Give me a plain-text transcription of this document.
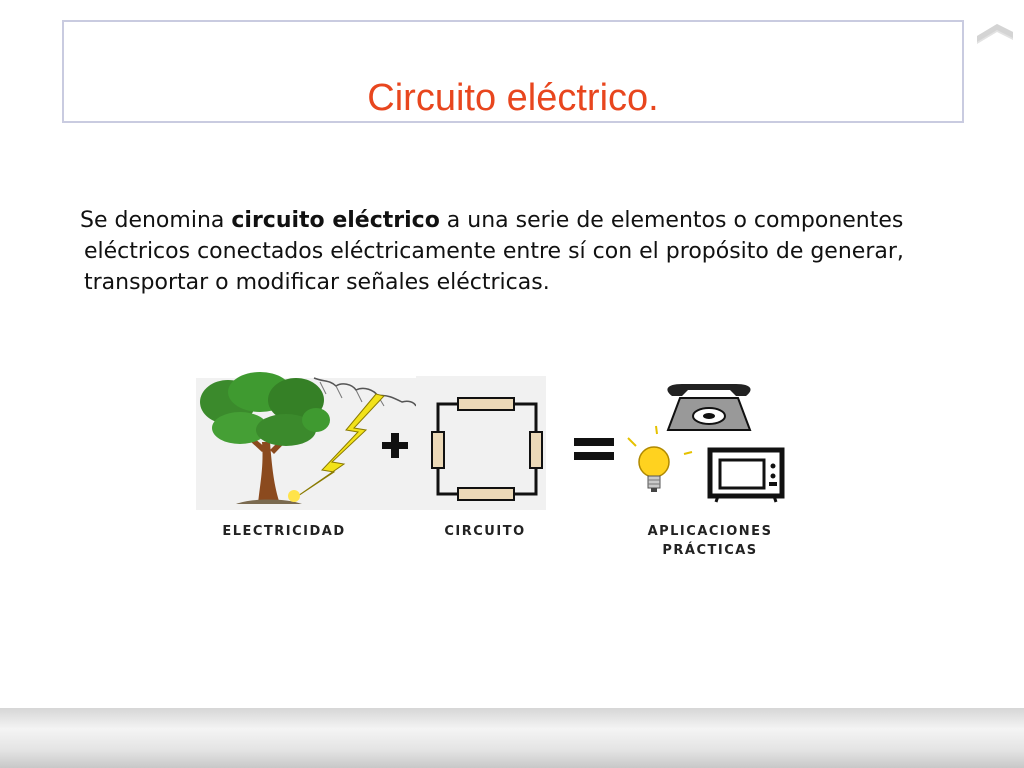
Circuito eléctrico.
Se denomina circuito eléctrico a una serie de elementos o componentes eléctricos conectados eléctricamente entre sí con el propósito de generar, transportar o modificar señales eléctricas.
ELECTRICIDAD	CIRCUITO	APLICACIONES
PRÁCTICAS
